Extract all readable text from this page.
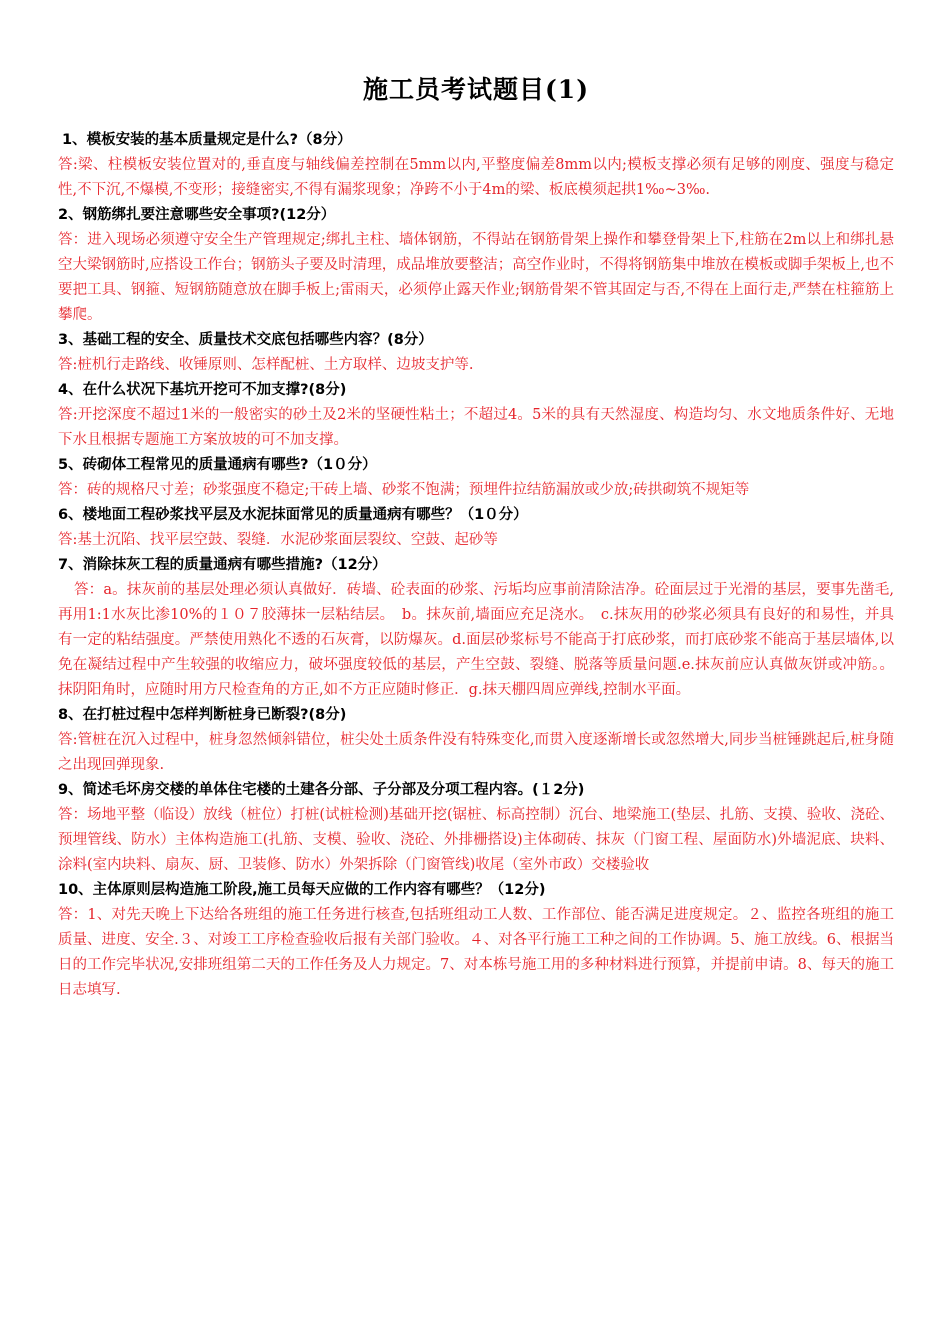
施工员考试题目(1)

1、模板安装的基本质量规定是什么?（8分）

答:梁、柱模板安装位置对的,垂直度与轴线偏差控制在5mm以内,平整度偏差8mm以内;模板支撑必须有足够的刚度、强度与稳定性,不下沉,不爆模,不变形；接缝密实,不得有漏浆现象；净跨不小于4m的梁、板底模须起拱1‰~3‰.

2、钢筋绑扎要注意哪些安全事项?(12分）

答：进入现场必须遵守安全生产管理规定;绑扎主柱、墙体钢筋，不得站在钢筋骨架上操作和攀登骨架上下,柱筋在2m以上和绑扎悬空大梁钢筋时,应搭设工作台；钢筋头子要及时清理，成品堆放要整洁；高空作业时，不得将钢筋集中堆放在模板或脚手架板上,也不要把工具、钢箍、短钢筋随意放在脚手板上;雷雨天，必须停止露天作业;钢筋骨架不管其固定与否,不得在上面行走,严禁在柱箍筋上攀爬。

3、基础工程的安全、质量技术交底包括哪些内容？(8分）

答:桩机行走路线、收锤原则、怎样配桩、土方取样、边坡支护等.

4、在什么状况下基坑开挖可不加支撑?(8分)

答:开挖深度不超过1米的一般密实的砂土及2米的坚硬性粘土；不超过4。5米的具有天然湿度、构造均匀、水文地质条件好、无地下水且根据专题施工方案放坡的可不加支撑。

5、砖砌体工程常见的质量通病有哪些?（1０分）

答：砖的规格尺寸差；砂浆强度不稳定;干砖上墙、砂浆不饱满；预埋件拉结筋漏放或少放;砖拱砌筑不规矩等

6、楼地面工程砂浆找平层及水泥抹面常见的质量通病有哪些？（1０分）

答:基土沉陷、找平层空鼓、裂缝．水泥砂浆面层裂纹、空鼓、起砂等

7、消除抹灰工程的质量通病有哪些措施?（12分）

答：a。抹灰前的基层处理必须认真做好．砖墙、砼表面的砂浆、污垢均应事前清除洁净。砼面层过于光滑的基层，要事先凿毛,再用1:1水灰比渗10%的１０７胶薄抹一层粘结层。　b。抹灰前,墙面应充足浇水。　c.抹灰用的砂浆必须具有良好的和易性，并具有一定的粘结强度。严禁使用熟化不透的石灰膏，以防爆灰。d.面层砂浆标号不能高于打底砂浆，而打底砂浆不能高于基层墙体,以免在凝结过程中产生较强的收缩应力，破坏强度较低的基层，产生空鼓、裂缝、脱落等质量问题.e.抹灰前应认真做灰饼或冲筋。。抹阴阳角时，应随时用方尺检查角的方正,如不方正应随时修正．g.抹天棚四周应弹线,控制水平面。

8、在打桩过程中怎样判断桩身已断裂?(8分)

答:管桩在沉入过程中，桩身忽然倾斜错位，桩尖处土质条件没有特殊变化,而贯入度逐渐增长或忽然增大,同步当桩锤跳起后,桩身随之出现回弹现象.

9、简述毛坏房交楼的单体住宅楼的土建各分部、子分部及分项工程内容。(１2分)

答：场地平整（临设）放线（桩位）打桩(试桩检测)基础开挖(锯桩、标高控制）沉台、地梁施工(垫层、扎筋、支摸、验收、浇砼、预埋管线、防水）主体构造施工(扎筋、支模、验收、浇砼、外排栅搭设)主体砌砖、抹灰（门窗工程、屋面防水)外墙泥底、块料、涂料(室内块料、扇灰、厨、卫装修、防水）外架拆除（门窗管线)收尾（室外市政）交楼验收

10、主体原则层构造施工阶段,施工员每天应做的工作内容有哪些？（12分)

答：1、对先天晚上下达给各班组的施工任务进行核查,包括班组动工人数、工作部位、能否满足进度规定。２、监控各班组的施工质量、进度、安全.３、对竣工工序检查验收后报有关部门验收。４、对各平行施工工种之间的工作协调。5、施工放线。6、根据当日的工作完毕状况,安排班组第二天的工作任务及人力规定。7、对本栋号施工用的多种材料进行预算，并提前申请。8、每天的施工日志填写.
